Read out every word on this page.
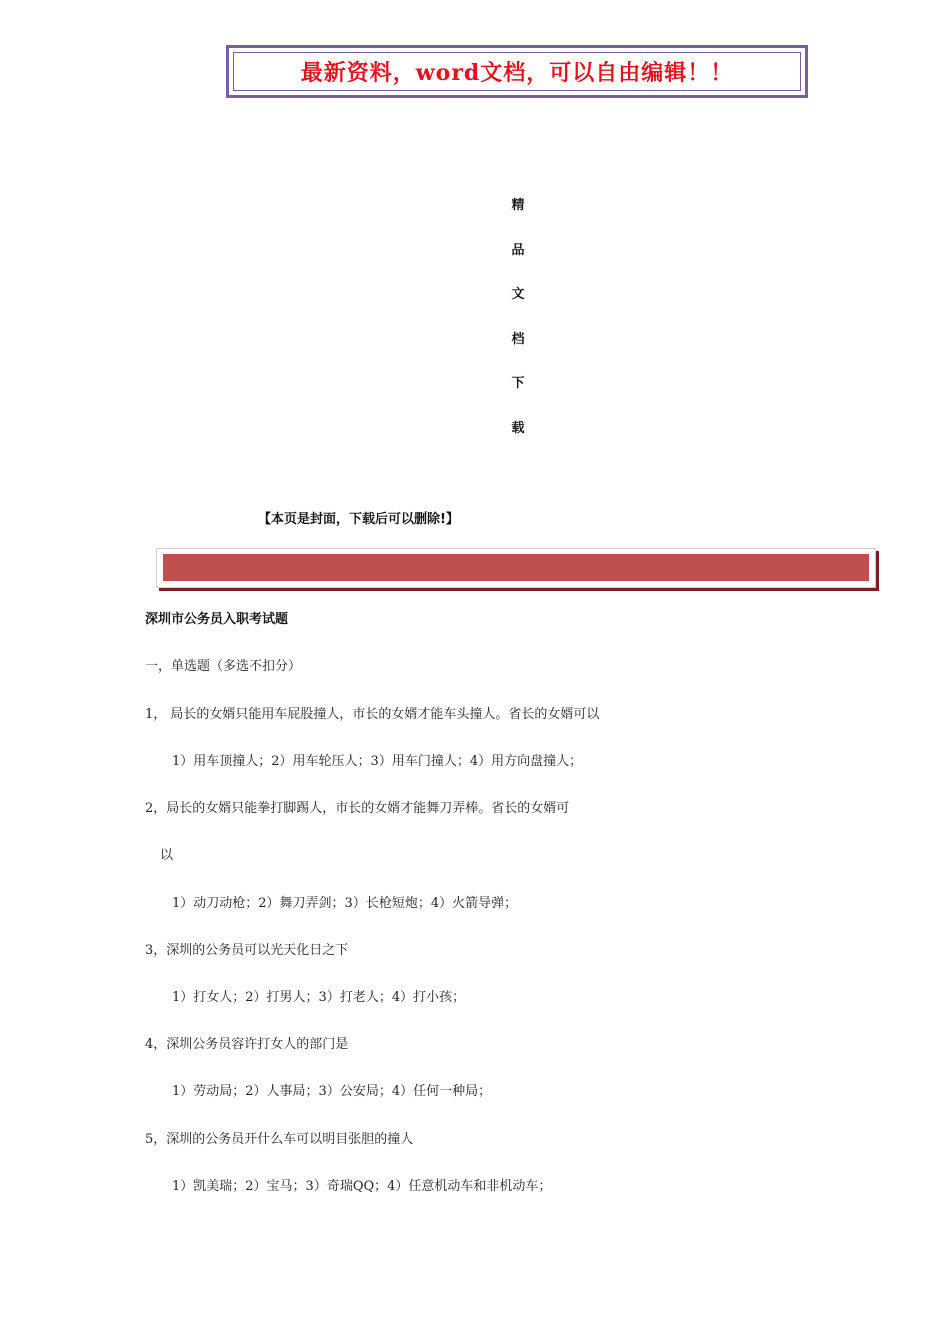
最新资料，word文档，可以自由编辑！！
精
品
文
档
下
载
【本页是封面，下载后可以删除!】
深圳市公务员入职考试题
一，单选题（多选不扣分）
1， 局长的女婿只能用车屁股撞人，市长的女婿才能车头撞人。省长的女婿可以
1）用车顶撞人；2）用车轮压人；3）用车门撞人；4）用方向盘撞人；
2，局长的女婿只能拳打脚踢人，市长的女婿才能舞刀弄棒。省长的女婿可
以
1）动刀动枪；2）舞刀弄剑；3）长枪短炮；4）火箭导弹；
3，深圳的公务员可以光天化日之下
1）打女人；2）打男人；3）打老人；4）打小孩；
4，深圳公务员容许打女人的部门是
1）劳动局；2）人事局；3）公安局；4）任何一种局；
5，深圳的公务员开什么车可以明目张胆的撞人
1）凯美瑞；2）宝马；3）奇瑞QQ；4）任意机动车和非机动车；
